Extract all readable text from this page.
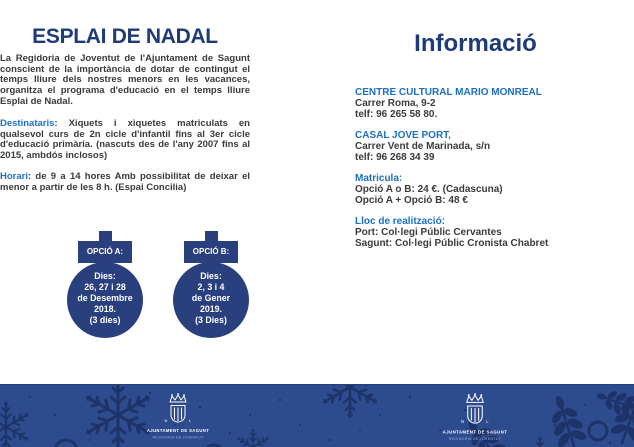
ESPLAI DE NADAL
La Regidoria de Joventut de l'Ajuntament de Sagunt conscient de la importància de dotar de contingut el temps lliure dels nostres menors en les vacances, organitza el programa d'educació en el temps lliure Esplai de Nadal.
Destinataris: Xiquets i xiquetes matriculats en qualsevol curs de 2n cicle d'infantil fins al 3er cicle d'educació primària. (nascuts des de l'any 2007 fins al 2015, ambdós inclosos)
Horari: de 9 a 14 hores Amb possibilitat de deixar el menor a partir de les 8 h. (Espai Concilia)
OPCIÓ A:
Dies:
26, 27 i 28
de Desembre
2018.
(3 dies)
OPCIÓ B:
Dies:
2, 3 i 4
de Gener
2019.
(3 Dies)
Informació
CENTRE CULTURAL MARIO MONREAL
Carrer Roma, 9-2
telf: 96 265 58 80.
CASAL JOVE PORT,
Carrer Vent de Marinada, s/n
telf: 96 268 34 39
Matricula:
Opció A o B: 24 €. (Cadascuna)
Opció A + Opció B: 48 €
Lloc de realització:
Port: Col·legi Públic Cervantes
Sagunt: Col·legi Públic Cronista Chabret
N	L
AJUNTAMENT DE SAGUNT
REGIDORIA DE JOVENTUT
N	L
AJUNTAMENT DE SAGUNT
REGIDORIA DE JOVENTUT
